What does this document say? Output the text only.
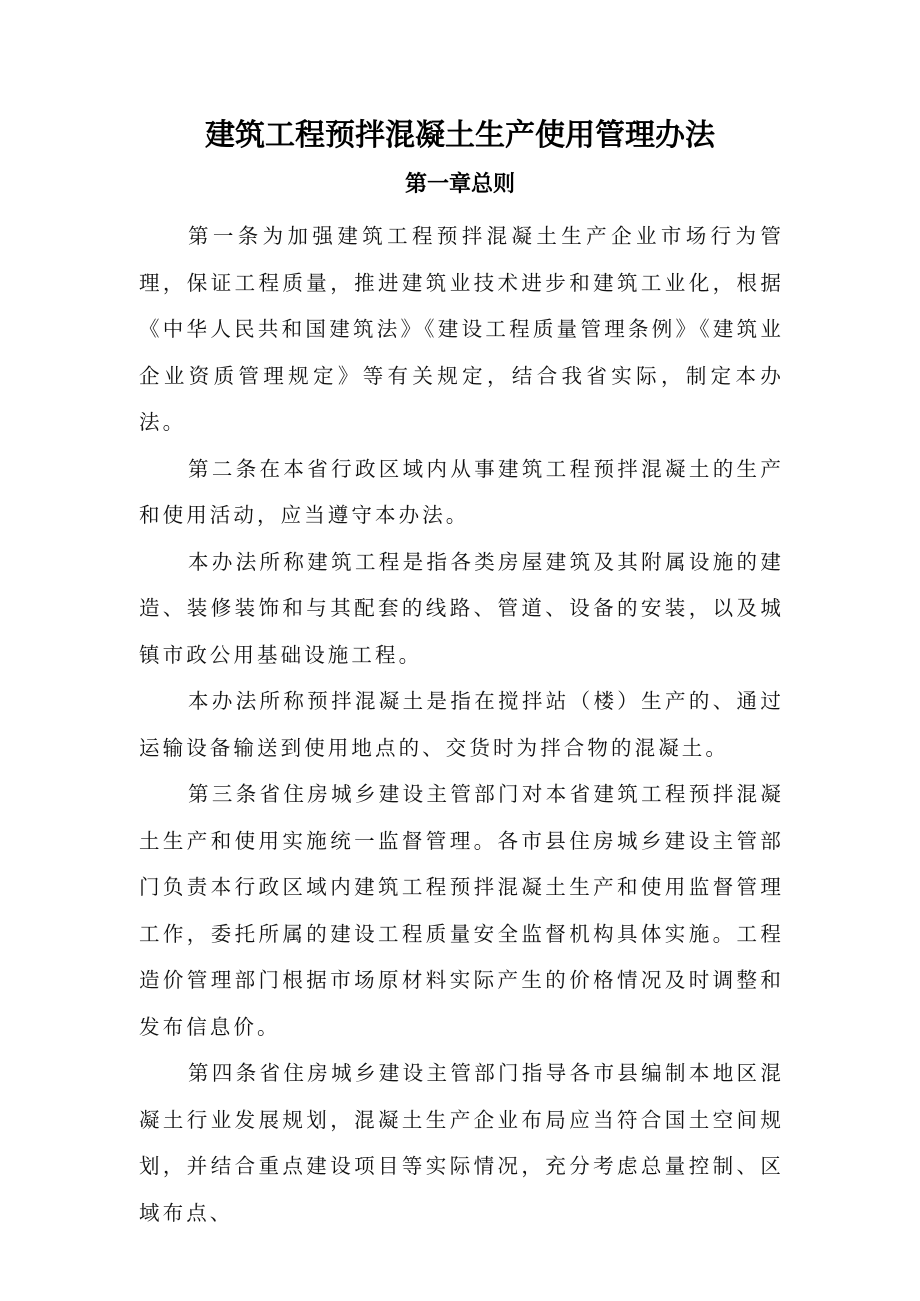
建筑工程预拌混凝土生产使用管理办法
第一章总则

第一条为加强建筑工程预拌混凝土生产企业市场行为管理，保证工程质量，推进建筑业技术进步和建筑工业化，根据《中华人民共和国建筑法》《建设工程质量管理条例》《建筑业企业资质管理规定》等有关规定，结合我省实际，制定本办法。

第二条在本省行政区域内从事建筑工程预拌混凝土的生产和使用活动，应当遵守本办法。

本办法所称建筑工程是指各类房屋建筑及其附属设施的建造、装修装饰和与其配套的线路、管道、设备的安装，以及城镇市政公用基础设施工程。

本办法所称预拌混凝土是指在搅拌站（楼）生产的、通过运输设备输送到使用地点的、交货时为拌合物的混凝土。

第三条省住房城乡建设主管部门对本省建筑工程预拌混凝土生产和使用实施统一监督管理。各市县住房城乡建设主管部门负责本行政区域内建筑工程预拌混凝土生产和使用监督管理工作，委托所属的建设工程质量安全监督机构具体实施。工程造价管理部门根据市场原材料实际产生的价格情况及时调整和发布信息价。

第四条省住房城乡建设主管部门指导各市县编制本地区混凝土行业发展规划，混凝土生产企业布局应当符合国土空间规划，并结合重点建设项目等实际情况，充分考虑总量控制、区域布点、
